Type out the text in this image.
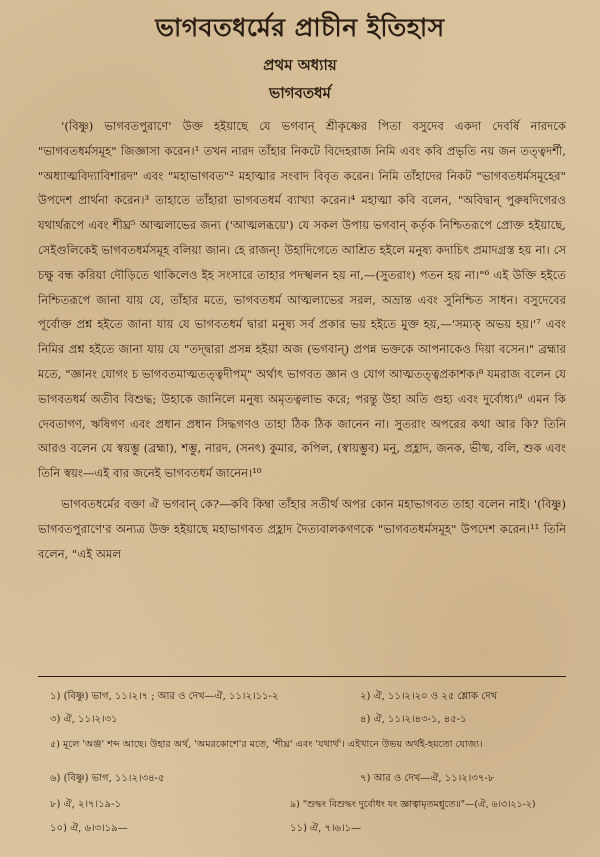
ভাগবতধর্মের প্রাচীন ইতিহাস
প্রথম অধ্যায়
ভাগবতধর্ম

'(বিষ্ণু) ভাগবতপুরাণে' উক্ত হইয়াছে যে ভগবান্ শ্রীকৃষ্ণের পিতা বসুদেব একদা দেবর্ষি নারদকে "ভাগবতধর্মসমূহ" জিজ্ঞাসা করেন।¹ তখন নারদ তাঁহার নিকটে বিদেহরাজ নিমি এবং কবি প্রভৃতি নয় জন তত্ত্বদর্শী, "অধ্যাত্মবিদ্যাবিশারদ" এবং "মহাভাগবত"² মহাত্মার সংবাদ বিবৃত করেন। নিমি তাঁহাদের নিকট "ভাগবতধর্মসমূহের" উপদেশ প্রার্থনা করেন।³ তাহাতে তাঁহারা ভাগবতধর্ম ব্যাখ্যা করেন।⁴ মহাত্মা কবি বলেন, "অবিদ্বান্ পুরুষদিগেরও যথার্থরূপে এবং শীঘ্র⁵ আত্মলাভের জন্য ('আত্মলব্ধয়ে') যে সকল উপায় ভগবান্ কর্তৃক নিশ্চিতরূপে প্রোক্ত হইয়াছে, সেইগুলিকেই ভাগবতধর্মসমূহ বলিয়া জান। হে রাজন্! উহাদিগেতে আশ্রিত হইলে মনুষ্য কদাচিৎ প্রমাদগ্রস্ত হয় না। সে চক্ষু বন্ধ করিয়া দৌড়িতে থাকিলেও ইহ সংসারে তাহার পদস্খলন হয় না,—(সুতরাং) পতন হয় না।"⁶ এই উক্তি হইতে নিশ্চিতরূপে জানা যায় যে, তাঁহার মতে, ভাগবতধর্ম আত্মলাভের সরল, অভ্রান্ত এবং সুনিশ্চিত সাধন। বসুদেবের পূর্বোক্ত প্রশ্ন হইতে জানা যায় যে ভাগবতধর্ম দ্বারা মনুষ্য সর্ব প্রকার ভয় হইতে মুক্ত হয়,—'সম্যক্ অভয় হয়।'⁷ এবং নিমির প্রশ্ন হইতে জানা যায় যে "তদ্দ্বারা প্রসন্ন হইয়া অজ (ভগবান্) প্রপন্ন ভক্তকে আপনাকেও দিয়া বসেন।" ব্রহ্মার মতে, "জ্ঞানং যোগং চ ভাগবতমাত্মতত্ত্বদীপম্" অর্থাৎ ভাগবত জ্ঞান ও যোগ আত্মতত্ত্বপ্রকাশক।⁸ যমরাজ বলেন যে ভাগবতধর্ম অতীব বিশুদ্ধ; উহাকে জানিলে মনুষ্য অমৃতত্বলাভ করে; পরন্তু উহা অতি গুহ্য এবং দুর্বোধ্য।⁹ এমন কি দেবতাগণ, ঋষিগণ এবং প্রধান প্রধান সিদ্ধগণও তাহা ঠিক ঠিক জানেন না। সুতরাং অপরের কথা আর কি? তিনি আরও বলেন যে স্বয়ম্ভু (ব্রহ্মা), শম্ভু, নারদ, (সনৎ) কুমার, কপিল, (স্বায়ম্ভুব) মনু, প্রহ্লাদ, জনক, ভীষ্ম, বলি, শুক এবং তিনি স্বয়ং—এই বার জনেই ভাগবতধর্ম জানেন।¹⁰

ভাগবতধর্মের বক্তা ঐ ভগবান্ কে?—কবি কিম্বা তাঁহার সতীর্থ অপর কোন মহাভাগবত তাহা বলেন নাই। '(বিষ্ণু) ভাগবতপুরাণে'র অন্যত্র উক্ত হইয়াছে মহাভাগবত প্রহ্লাদ দৈত্যবালকগণকে "ভাগবতধর্মসমূহ" উপদেশ করেন।¹¹ তিনি বলেন, "এই অমল

১) (বিষ্ণু) ভাগ, ১১।২।৭ ; আর ও দেখ—ঐ, ১১।২।১১-২	২) ঐ, ১১।২।২০ ও ২৫ শ্লোক দেখ
৩) ঐ, ১১।২।৩১	৪) ঐ, ১১।২।৪৩-১, ৪৫-১
৫) মূলে 'অঞ্জ' শব্দ আছে। উহার অর্থ, 'অমরকোশে'র মতে, 'শীঘ্র' এবং 'যথার্থ'। এইখানে উভয় অর্থই-হয়তো যোজ্য।
৬) (বিষ্ণু) ভাগ, ১১।২।৩৪-৫	৭) আর ও দেখ—ঐ, ১১।২।৩৭-৮
৮) ঐ, ২।৭।১৯-১	৯) "শুদ্ধং বিশুদ্ধং দুর্বোধং যং জ্ঞাত্বামৃতমশ্নুতে॥"—(ঐ, ৬।৩।২১-২)
১০) ঐ, ৬।৩।১৯—	১১) ঐ, ৭।৬।১—
